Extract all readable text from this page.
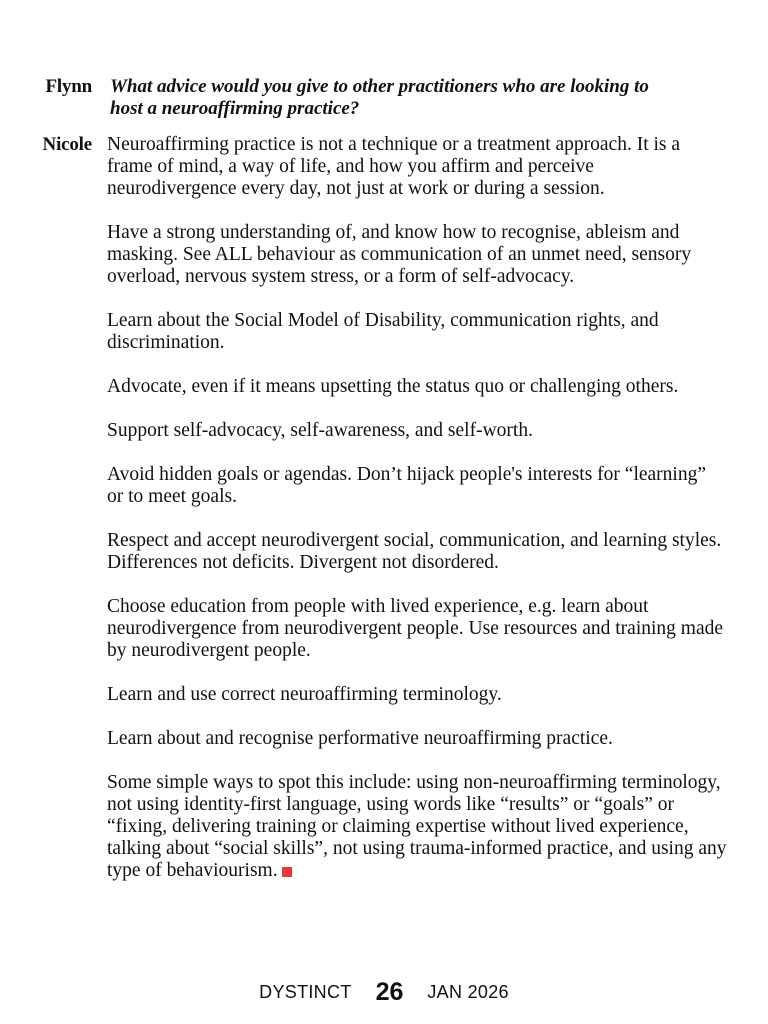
Flynn What advice would you give to other practitioners who are looking to host a neuroaffirming practice?
Nicole Neuroaffirming practice is not a technique or a treatment approach. It is a frame of mind, a way of life, and how you affirm and perceive neurodivergence every day, not just at work or during a session.

Have a strong understanding of, and know how to recognise, ableism and masking. See ALL behaviour as communication of an unmet need, sensory overload, nervous system stress, or a form of self-advocacy.

Learn about the Social Model of Disability, communication rights, and discrimination.

Advocate, even if it means upsetting the status quo or challenging others.

Support self-advocacy, self-awareness, and self-worth.

Avoid hidden goals or agendas. Don’t hijack people's interests for “learning” or to meet goals.

Respect and accept neurodivergent social, communication, and learning styles. Differences not deficits. Divergent not disordered.

Choose education from people with lived experience, e.g. learn about neurodivergence from neurodivergent people. Use resources and training made by neurodivergent people.

Learn and use correct neuroaffirming terminology.

Learn about and recognise performative neuroaffirming practice.

Some simple ways to spot this include: using non-neuroaffirming terminology, not using identity-first language, using words like “results” or “goals” or “fixing, delivering training or claiming expertise without lived experience, talking about “social skills”, not using trauma-informed practice, and using any type of behaviourism.

DYSTINCT 26 JAN 2026
